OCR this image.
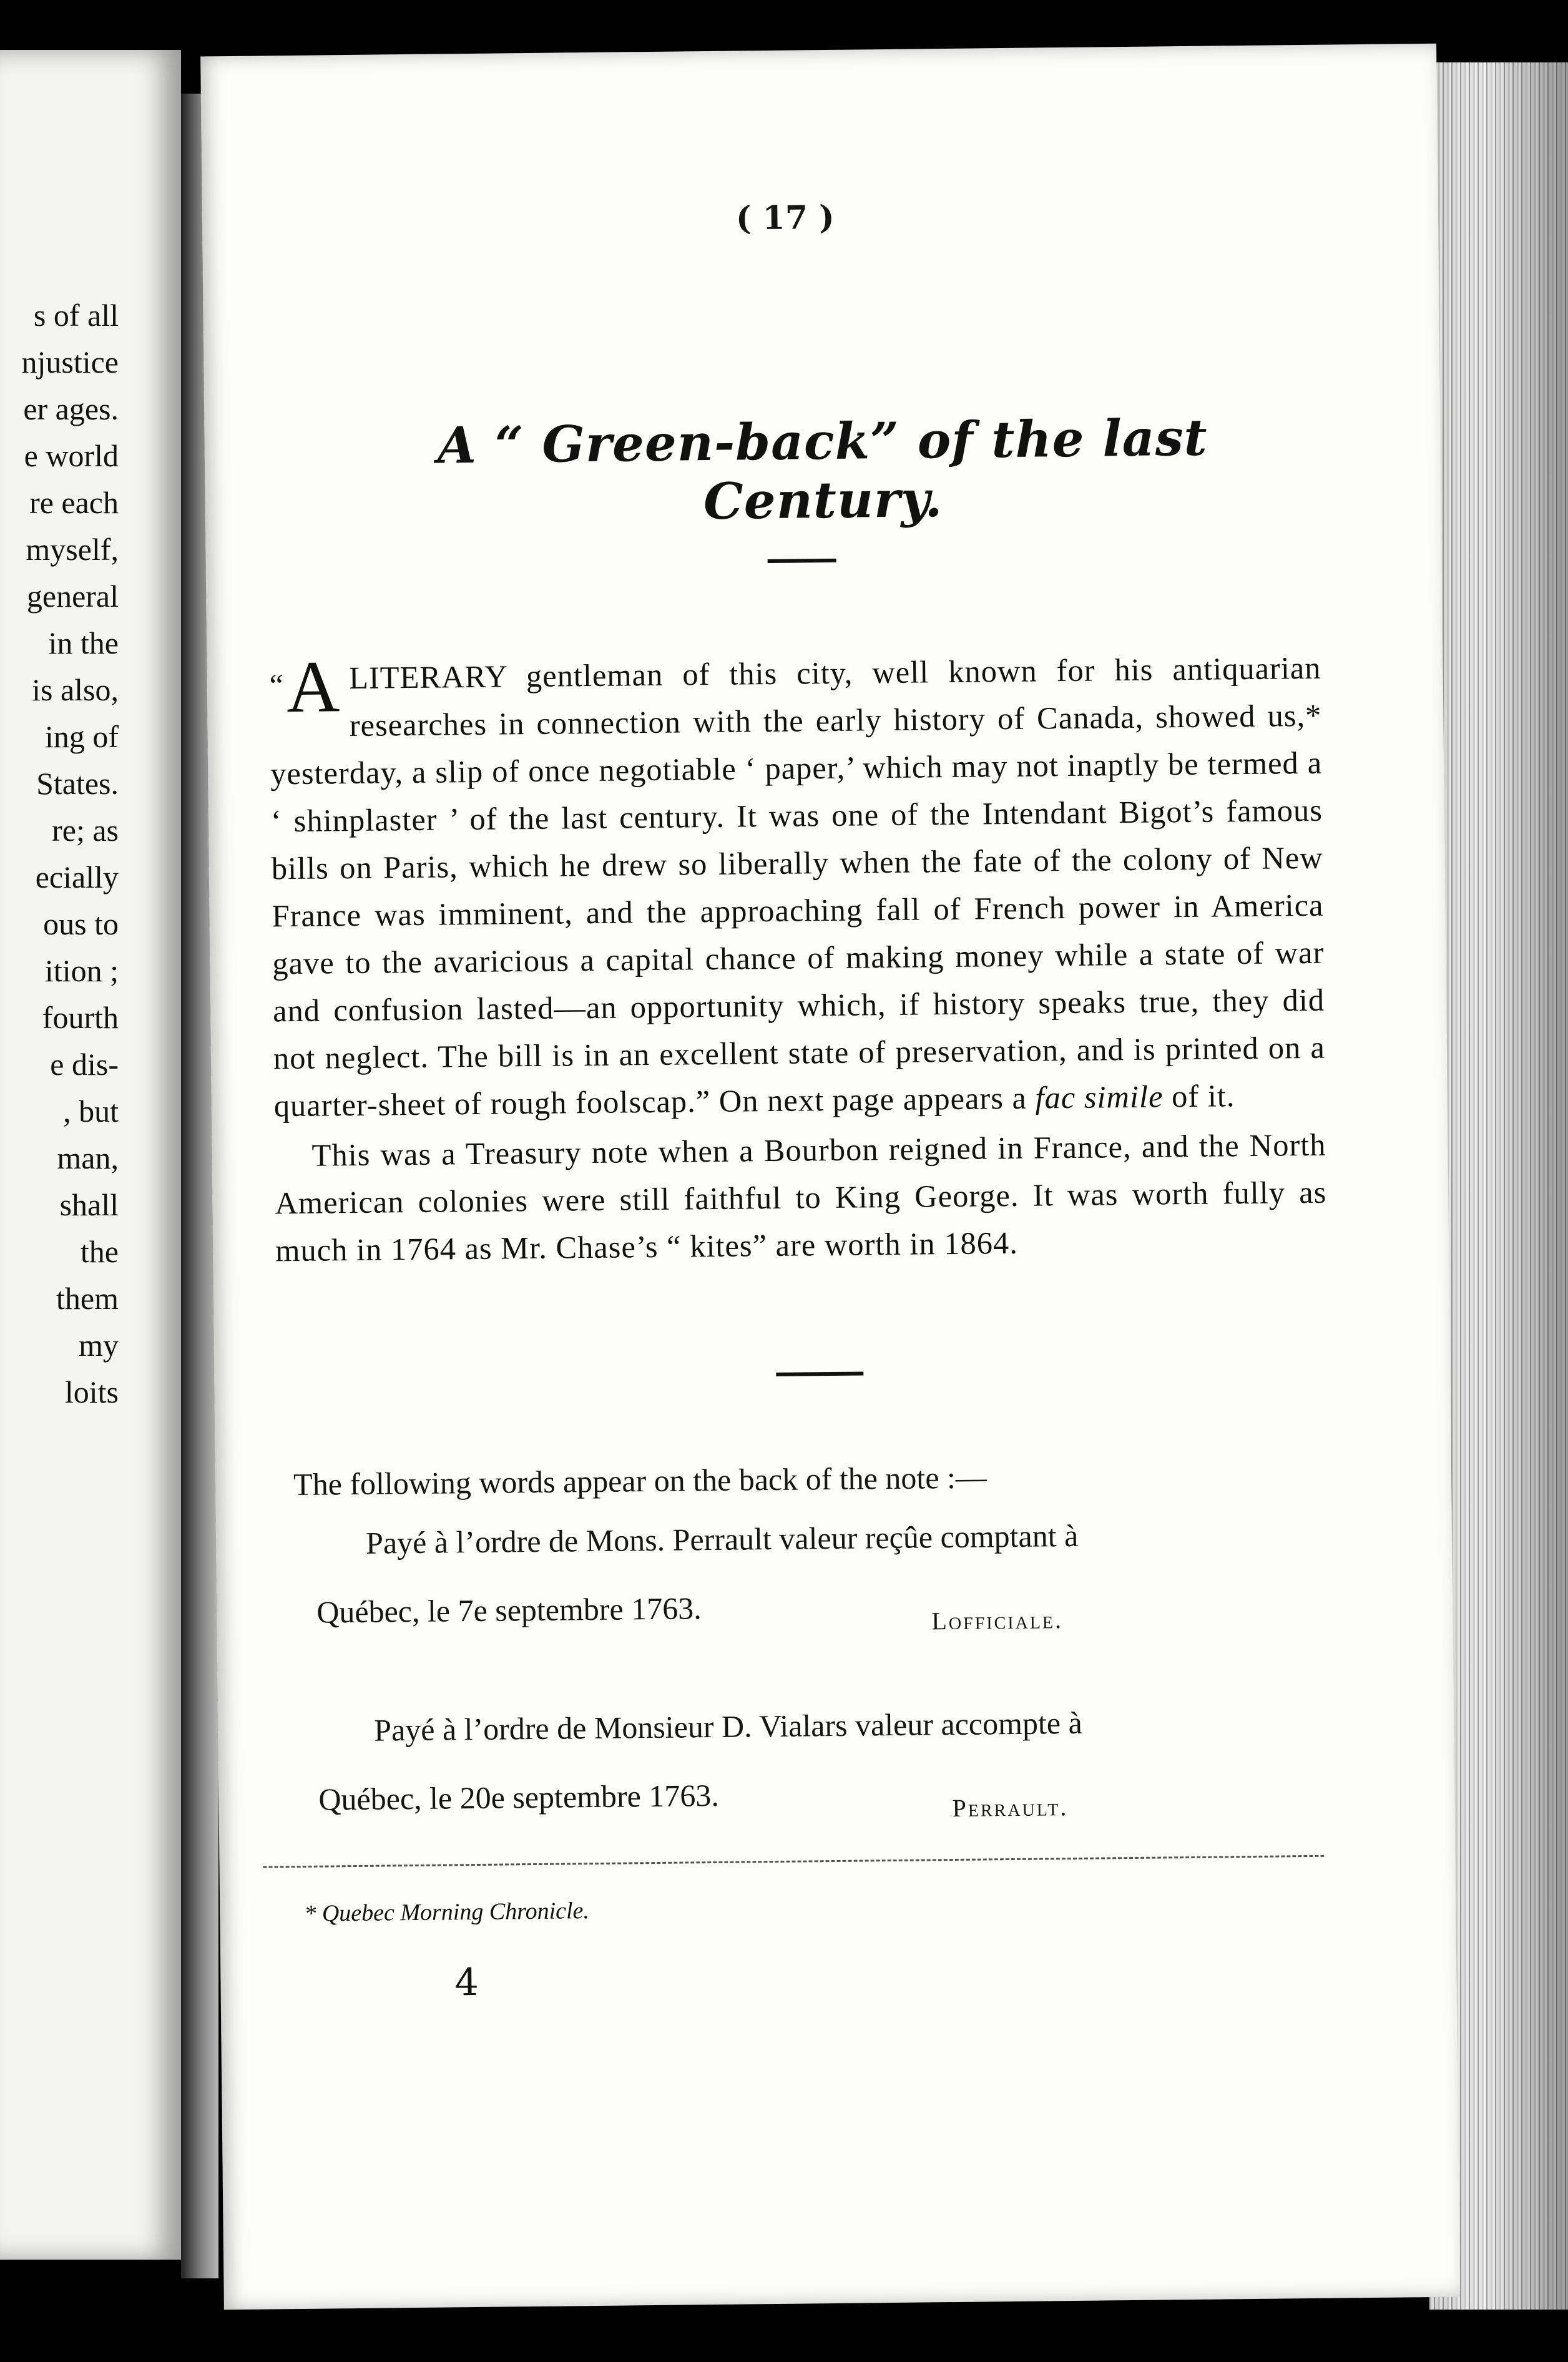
s of all
njustice
er ages.
e world
re each
myself,
general
in the
is also,
ing of
States.
re; as
ecially
ous to
ition ;
fourth
e dis-
, but
man,
shall
the
them
my
loits
( 17 )
A “ Green-back” of the last Century.

“ A LITERARY gentleman of this city, well known for his antiquarian researches in connection with the early history of Canada, showed us,* yesterday, a slip of once negotiable ‘ paper,’ which may not inaptly be termed a ‘ shinplaster ’ of the last century. It was one of the Intendant Bigot’s famous bills on Paris, which he drew so liberally when the fate of the colony of New France was imminent, and the approaching fall of French power in America gave to the avaricious a capital chance of making money while a state of war and confusion lasted—an opportunity which, if history speaks true, they did not neglect. The bill is in an excellent state of preservation, and is printed on a quarter-sheet of rough foolscap.” On next page appears a fac simile of it.

This was a Treasury note when a Bourbon reigned in France, and the North American colonies were still faithful to King George. It was worth fully as much in 1764 as Mr. Chase’s “ kites” are worth in 1864.

The following words appear on the back of the note :—
Payé à l’ordre de Mons. Perrault valeur reçûe comptant à
Québec, le 7e septembre 1763.	Lofficiale.
Payé à l’ordre de Monsieur D. Vialars valeur accompte à
Québec, le 20e septembre 1763.	Perrault.
* Quebec Morning Chronicle.
4
